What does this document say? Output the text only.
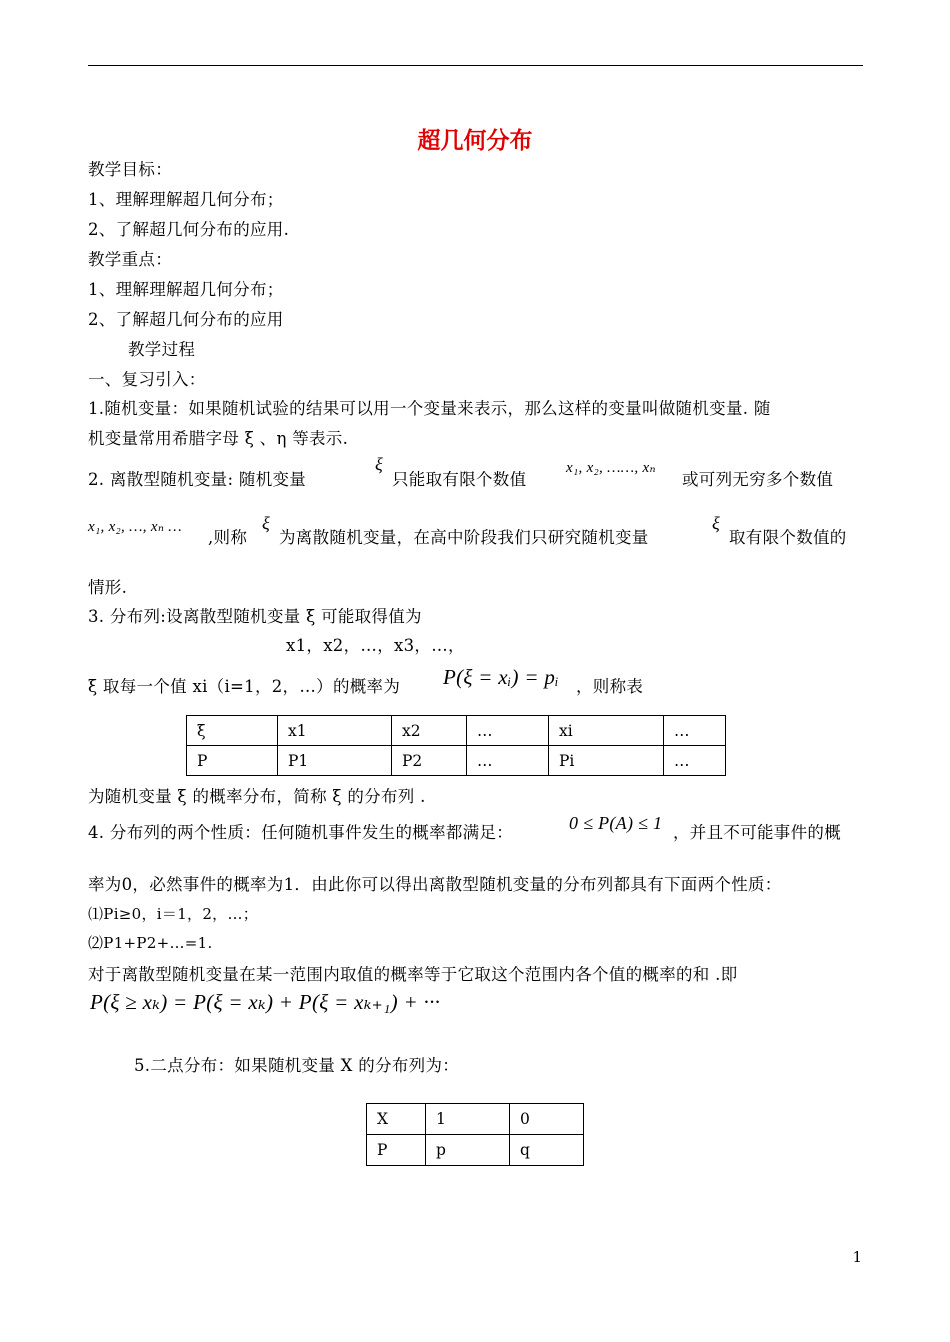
超几何分布
教学目标：
1、理解理解超几何分布；
2、了解超几何分布的应用.
教学重点：
1、理解理解超几何分布；
2、了解超几何分布的应用
教学过程
一、复习引入：
1.随机变量：如果随机试验的结果可以用一个变量来表示，那么这样的变量叫做随机变量. 随
机变量常用希腊字母 ξ 、η 等表示.
2. 离散型随机变量: 随机变量
ξ
只能取有限个数值
x₁, x₂, ……, xₙ
或可列无穷多个数值
x₁, x₂, …, xₙ …
,则称
ξ
为离散随机变量，在高中阶段我们只研究随机变量
ξ
取有限个数值的
情形.
3. 分布列:设离散型随机变量 ξ 可能取得值为
x1，x2，…，x3，…，
ξ 取每一个值 xi（i=1，2，…）的概率为 P(ξ = xᵢ) = pᵢ ，则称表
ξ	x1	x2	…	xi	…
P	P1	P2	…	Pi	…
为随机变量 ξ 的概率分布，简称 ξ 的分布列 .
4. 分布列的两个性质：任何随机事件发生的概率都满足：	0 ≤ P(A) ≤ 1 ，并且不可能事件的概
率为0，必然事件的概率为1．由此你可以得出离散型随机变量的分布列都具有下面两个性质：
⑴Pi≥0，i＝1，2，…；
⑵P1+P2+…=1.
对于离散型随机变量在某一范围内取值的概率等于它取这个范围内各个值的概率的和 .即
P(ξ ≥ xₖ) = P(ξ = xₖ) + P(ξ = xₖ₊₁) + ···
5.二点分布：如果随机变量 X 的分布列为：
X	1	0
P	p	q
1
